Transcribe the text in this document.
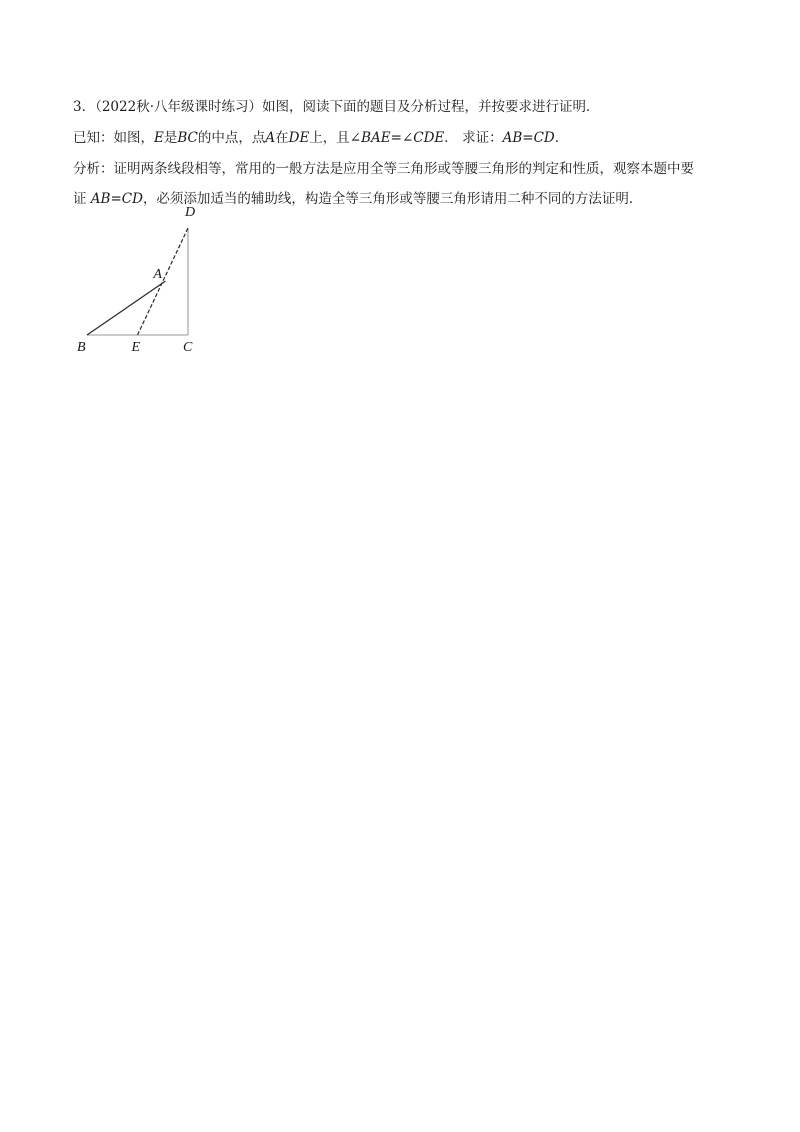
3．（2022秋·八年级课时练习）如图，阅读下面的题目及分析过程，并按要求进行证明．
已知：如图，E是BC的中点，点A在DE上，且∠BAE=∠CDE． 求证：AB=CD．
分析：证明两条线段相等，常用的一般方法是应用全等三角形或等腰三角形的判定和性质，观察本题中要
证 AB=CD，必须添加适当的辅助线，构造全等三角形或等腰三角形请用二种不同的方法证明．
D
A
B	E	C
